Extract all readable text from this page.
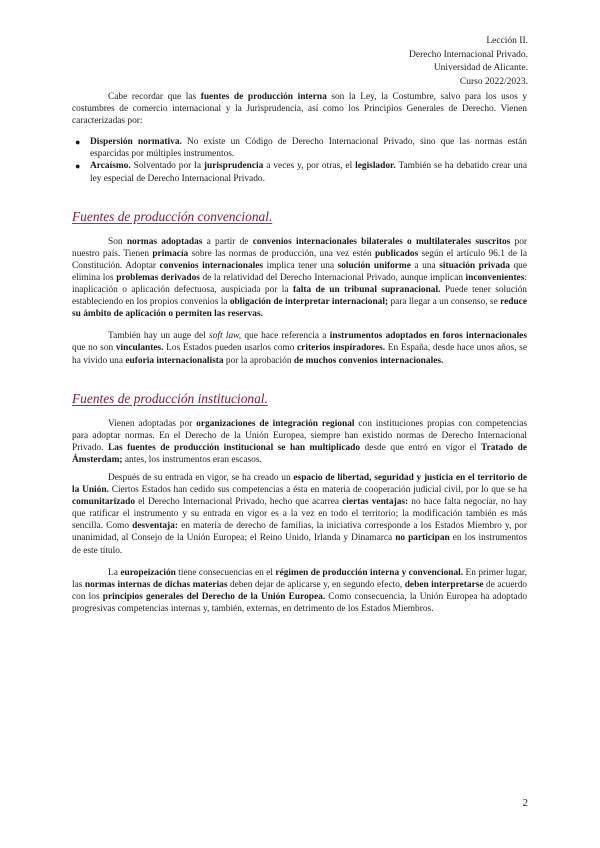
Lección II.
Derecho Internacional Privado.
Universidad de Alicante.
Curso 2022/2023.

Cabe recordar que las fuentes de producción interna son la Ley, la Costumbre, salvo para los usos y costumbres de comercio internacional y la Jurisprudencia, así como los Principios Generales de Derecho. Vienen caracterizadas por:

● Dispersión normativa. No existe un Código de Derecho Internacional Privado, sino que las normas están esparcidas por múltiples instrumentos.
● Arcaísmo. Solventado por la jurisprudencia a veces y, por otras, el legislador. También se ha debatido crear una ley especial de Derecho Internacional Privado.
Fuentes de producción convencional.

Son normas adoptadas a partir de convenios internacionales bilaterales o multilaterales suscritos por nuestro país. Tienen primacía sobre las normas de producción, una vez estén publicados según el artículo 96.1 de la Constitución. Adoptar convenios internacionales implica tener una solución uniforme a una situación privada que elimina los problemas derivados de la relatividad del Derecho Internacional Privado, aunque implican inconvenientes: inaplicación o aplicación defectuosa, auspiciada por la falta de un tribunal supranacional. Puede tener solución estableciendo en los propios convenios la obligación de interpretar internacional; para llegar a un consenso, se reduce su ámbito de aplicación o permiten las reservas.

También hay un auge del soft law, que hace referencia a instrumentos adoptados en foros internacionales que no son vinculantes. Los Estados pueden usarlos como criterios inspiradores. En España, desde hace unos años, se ha vivido una euforia internacionalista por la aprobación de muchos convenios internacionales.

Fuentes de producción institucional.

Vienen adoptadas por organizaciones de integración regional con instituciones propias con competencias para adoptar normas. En el Derecho de la Unión Europea, siempre han existido normas de Derecho Internacional Privado. Las fuentes de producción institucional se han multiplicado desde que entró en vigor el Tratado de Ámsterdam; antes, los instrumentos eran escasos.

Después de su entrada en vigor, se ha creado un espacio de libertad, seguridad y justicia en el territorio de la Unión. Ciertos Estados han cedido sus competencias a ésta en materia de cooperación judicial civil, por lo que se ha comunitarizado el Derecho Internacional Privado, hecho que acarrea ciertas ventajas: no hace falta negociar, no hay que ratificar el instrumento y su entrada en vigor es a la vez en todo el territorio; la modificación también es más sencilla. Como desventaja: en materia de derecho de familias, la iniciativa corresponde a los Estados Miembro y, por unanimidad, al Consejo de la Unión Europea; el Reino Unido, Irlanda y Dinamarca no participan en los instrumentos de este título.

La europeización tiene consecuencias en el régimen de producción interna y convencional. En primer lugar, las normas internas de dichas materias deben dejar de aplicarse y, en segundo efecto, deben interpretarse de acuerdo con los principios generales del Derecho de la Unión Europea. Como consecuencia, la Unión Europea ha adoptado progresivas competencias internas y, también, externas, en detrimento de los Estados Miembros.

2
